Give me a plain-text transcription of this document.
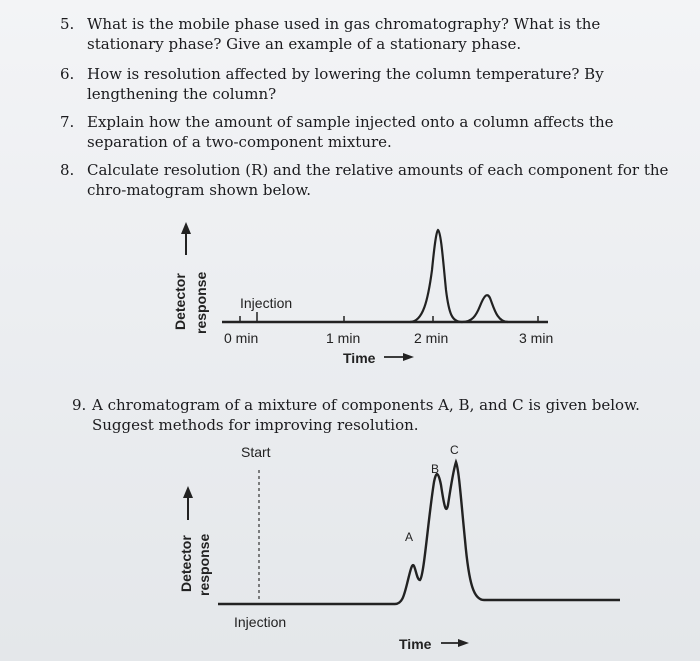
5. What is the mobile phase used in gas chromatography? What is the stationary phase? Give an example of a stationary phase.
6. How is resolution affected by lowering the column temperature? By lengthening the column?
7. Explain how the amount of sample injected onto a column affects the separation of a two-component mixture.
8. Calculate resolution (R) and the relative amounts of each component for the chro-matogram shown below.
Detector response Injection
0 min	1 min	2 min	3 min
Time
9. A chromatogram of a mixture of components A, B, and C is given below. Suggest methods for improving resolution.
Detector response
Start
A
B
C
Injection
Time
